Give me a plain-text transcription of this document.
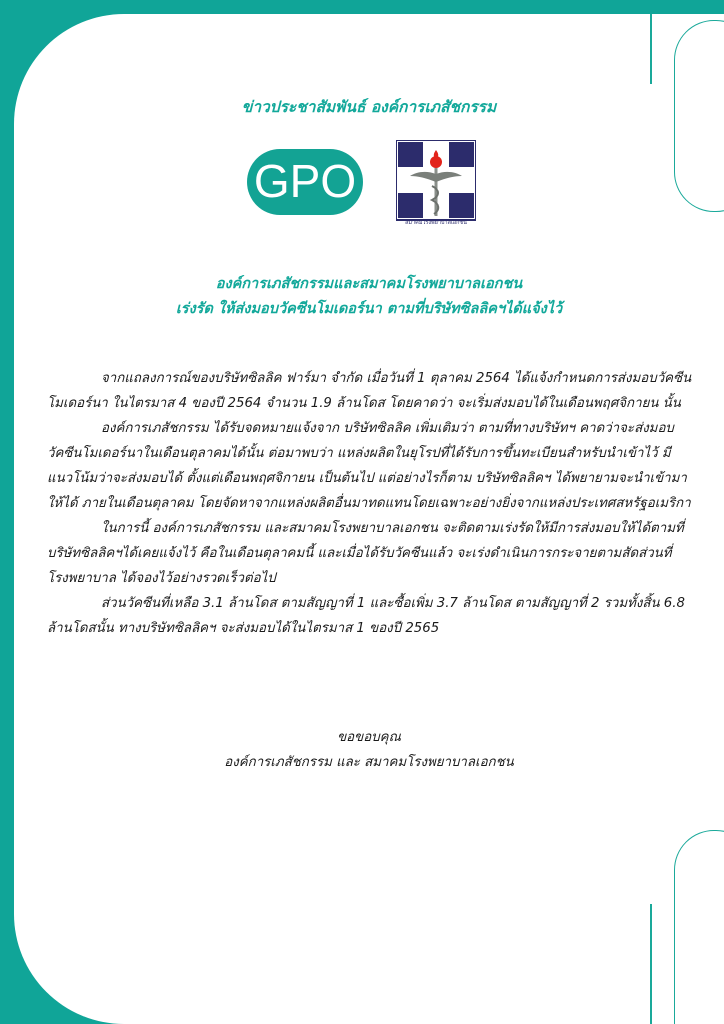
ข่าวประชาสัมพันธ์ องค์การเภสัชกรรม
GPO
สมาคมโรงพยาบาลเอกชน
องค์การเภสัชกรรมและสมาคมโรงพยาบาลเอกชน
เร่งรัด ให้ส่งมอบวัคซีนโมเดอร์นา ตามที่บริษัทซิลลิคฯได้แจ้งไว้

จากแถลงการณ์ของบริษัทซิลลิค ฟาร์มา จำกัด เมื่อวันที่ 1 ตุลาคม 2564 ได้แจ้งกำหนดการส่งมอบวัคซีนโมเดอร์นา ในไตรมาส 4 ของปี 2564 จำนวน 1.9 ล้านโดส โดยคาดว่า จะเริ่มส่งมอบได้ในเดือนพฤศจิกายน นั้น

องค์การเภสัชกรรม ได้รับจดหมายแจ้งจาก บริษัทซิลลิค เพิ่มเติมว่า ตามที่ทางบริษัทฯ คาดว่าจะส่งมอบ วัคซีนโมเดอร์นาในเดือนตุลาคมได้นั้น ต่อมาพบว่า แหล่งผลิตในยุโรปที่ได้รับการขึ้นทะเบียนสำหรับนำเข้าไว้ มีแนวโน้มว่าจะส่งมอบได้ ตั้งแต่เดือนพฤศจิกายน เป็นต้นไป แต่อย่างไรก็ตาม บริษัทซิลลิคฯ ได้พยายามจะนำเข้ามาให้ได้ ภายในเดือนตุลาคม โดยจัดหาจากแหล่งผลิตอื่นมาทดแทนโดยเฉพาะอย่างยิ่งจากแหล่งประเทศสหรัฐอเมริกา

ในการนี้ องค์การเภสัชกรรม และสมาคมโรงพยาบาลเอกชน จะติดตามเร่งรัดให้มีการส่งมอบให้ได้ตามที่บริษัทซิลลิคฯได้เคยแจ้งไว้ คือในเดือนตุลาคมนี้ และเมื่อได้รับวัคซีนแล้ว จะเร่งดำเนินการกระจายตามสัดส่วนที่โรงพยาบาล ได้จองไว้อย่างรวดเร็วต่อไป

ส่วนวัคซีนที่เหลือ 3.1 ล้านโดส ตามสัญญาที่ 1 และซื้อเพิ่ม 3.7 ล้านโดส ตามสัญญาที่ 2 รวมทั้งสิ้น 6.8 ล้านโดสนั้น ทางบริษัทซิลลิคฯ จะส่งมอบได้ในไตรมาส 1 ของปี 2565

ขอขอบคุณ
องค์การเภสัชกรรม และ สมาคมโรงพยาบาลเอกชน
